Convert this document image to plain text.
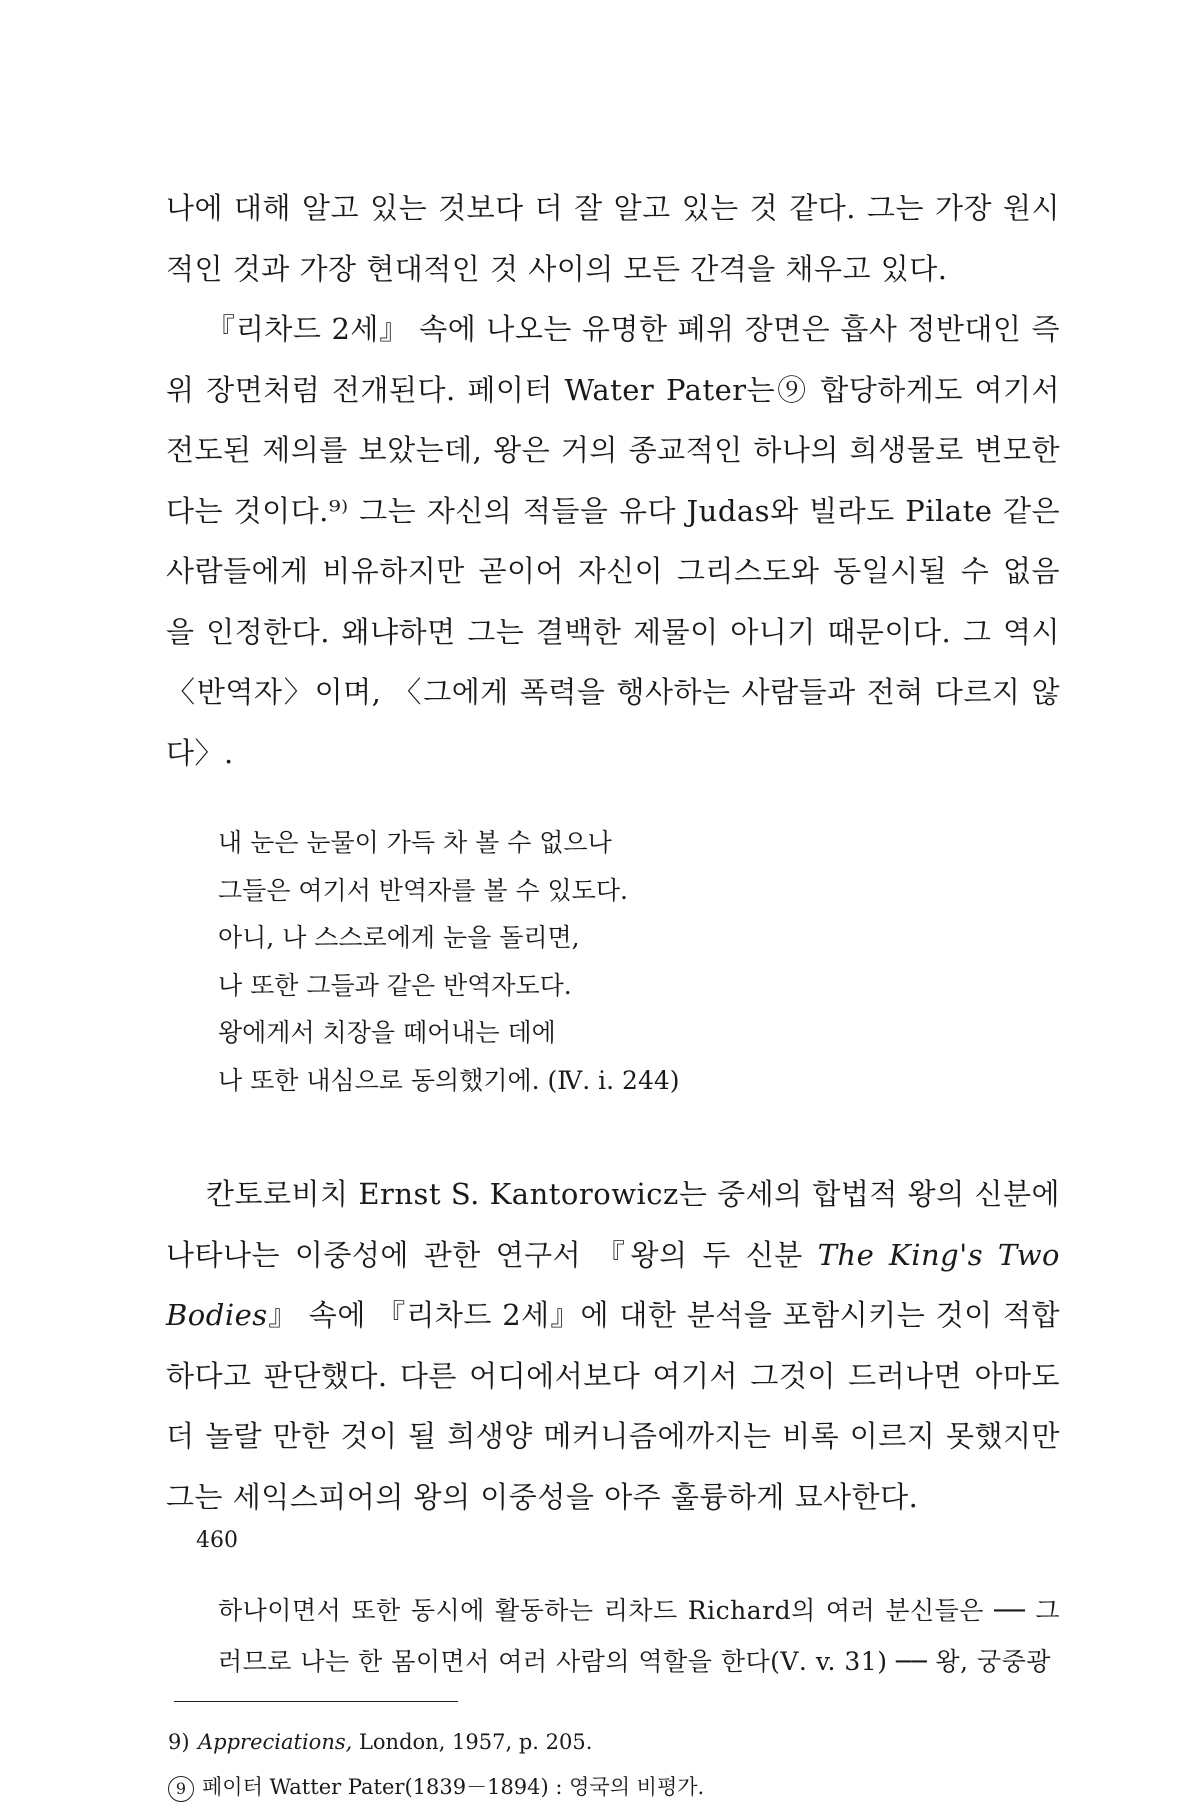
나에 대해 알고 있는 것보다 더 잘 알고 있는 것 같다. 그는 가장 원시적인 것과 가장 현대적인 것 사이의 모든 간격을 채우고 있다.

『리차드 2세』 속에 나오는 유명한 폐위 장면은 흡사 정반대인 즉위 장면처럼 전개된다. 페이터 Water Pater는⑨ 합당하게도 여기서 전도된 제의를 보았는데, 왕은 거의 종교적인 하나의 희생물로 변모한다는 것이다.⁹⁾ 그는 자신의 적들을 유다 Judas와 빌라도 Pilate 같은 사람들에게 비유하지만 곧이어 자신이 그리스도와 동일시될 수 없음을 인정한다. 왜냐하면 그는 결백한 제물이 아니기 때문이다. 그 역시 〈반역자〉이며, 〈그에게 폭력을 행사하는 사람들과 전혀 다르지 않다〉.

내 눈은 눈물이 가득 차 볼 수 없으나
그들은 여기서 반역자를 볼 수 있도다.
아니, 나 스스로에게 눈을 돌리면,
나 또한 그들과 같은 반역자도다.
왕에게서 치장을 떼어내는 데에
나 또한 내심으로 동의했기에. (Ⅳ. i. 244)

칸토로비치 Ernst S. Kantorowicz는 중세의 합법적 왕의 신분에 나타나는 이중성에 관한 연구서 『왕의 두 신분 The King's Two Bodies』 속에 『리차드 2세』에 대한 분석을 포함시키는 것이 적합하다고 판단했다. 다른 어디에서보다 여기서 그것이 드러나면 아마도 더 놀랄 만한 것이 될 희생양 메커니즘에까지는 비록 이르지 못했지만 그는 세익스피어의 왕의 이중성을 아주 훌륭하게 묘사한다.

하나이면서 또한 동시에 활동하는 리차드 Richard의 여러 분신들은 ── 그러므로 나는 한 몸이면서 여러 사람의 역할을 한다(Ⅴ. v. 31) ── 왕, 궁중광

9) Appreciations, London, 1957, p. 205.
9 페이터 Watter Pater(1839－1894) : 영국의 비평가.
460
